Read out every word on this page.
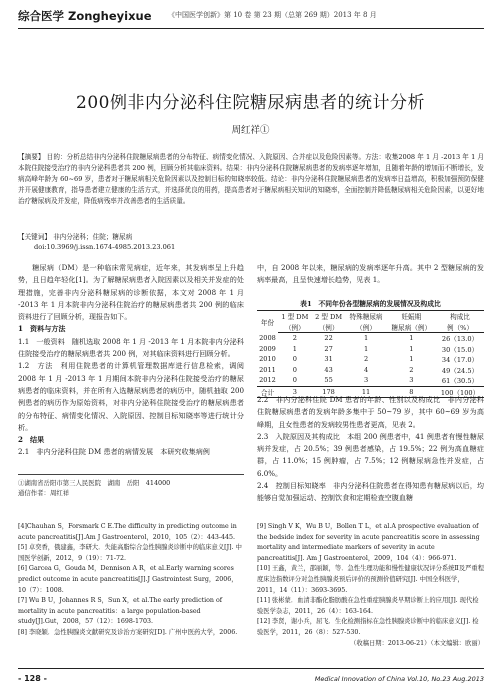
综合医学 Zongheyixue 《中国医学创新》第 10 卷 第 23 期（总第 269 期）2013 年 8 月
200例非内分泌科住院糖尿病患者的统计分析
周红祥①
【摘要】 目的：分析总结非内分泌科住院糖尿病患者的分布特征、病情变化情况、入院原因、合并症以及危险因素等。方法：收集2008 年 1 月 -2013 年 1 月本院住院接受治疗的非内分泌科患者共 200 例，回顾分析其临床资料。结果：非内分泌科住院糖尿病患者的发病率逐年增加，且随着年龄的增加而不断增长，发病高峰年龄为 60~69 岁，患者对于糖尿病相关危险因素以及控制目标的知晓率较低。结论：非内分泌科住院糖尿病患者的发病率日益增高，积极加强预防保健并开展健康教育，指导患者建立健康的生活方式，并选择优良的用药，提高患者对于糖尿病相关知识的知晓率，全面控制并降低糖尿病相关危险因素，以更好地治疗糖尿病及并发症，降低病残率并改善患者的生活质量。
【关键词】 非内分泌科；住院；糖尿病
doi:10.3969/j.issn.1674-4985.2013.23.061
糖尿病（DM）是一种临床常见病症，近年来，其发病率呈上升趋势，且日趋年轻化[1]。为了解糖尿病患者入院因素以及相关并发症的处理措施，完善非内分泌科糖尿病的诊断依据，本文对 2008 年 1 月 -2013 年 1 月本院非内分泌科住院治疗的糖尿病患者共 200 例的临床资料进行了回顾分析，现报告如下。
1　资料与方法
1.1　一般资料　随机选取 2008 年 1 月 -2013 年 1 月本院非内分泌科住院接受治疗的糖尿病患者共 200 例，对其临床资料进行回顾分析。
1.2　方法　利用住院患者的计算机管理数据库进行信息检索，调阅 2008 年 1 月 -2013 年 1 月期间本院非内分泌科住院接受治疗的糖尿病患者的临床资料，并在所有入选糖尿病患者的病历中，随机抽取 200 例患者的病历作为原始资料，对非内分泌科住院接受治疗的糖尿病患者的分布特征、病情变化情况、入院原因、控制目标知晓率等进行统计分析。
2　结果
2.1　非内分泌科住院 DM 患者的病情发展　本研究收集病例
①湖南省岳阳市第三人民医院　湖南　岳阳　414000
通信作者：周红祥
中，自 2008 年以来，糖尿病的发病率逐年升高。其中 2 型糖尿病的发病率最高，且呈快速增长趋势，见表 1。
表1　不同年份各型糖尿病的发展情况及构成比
年份	1 型 DM	2 型 DM	特殊糖尿病	妊娠期	构成比
	（例）	（例）	（例）	糖尿病（例）	例（%）
2008	2	22	1	1	26（13.0）
2009	1	27	1	1	30（15.0）
2010	0	31	2	1	34（17.0）
2011	0	43	4	2	49（24.5）
2012	0	55	3	3	61（30.5）
合计	3	178	11	8	100（100）
2.2　非内分泌科住院 DM 患者的年龄、性别以及构成比　非内分泌科住院糖尿病患者的发病年龄多集中于 50~79 岁，其中 60~69 岁为高峰期，且女性患者的发病较男性患者更高，见表 2。
2.3　入院原因及其构成比　本组 200 例患者中，41 例患者有慢性糖尿病并发症，占 20.5%；39 例患者感染，占 19.5%；22 例为高血糖症群，占 11.0%；15 例肿瘤，占 7.5%；12 例糖尿病急性并发症，占 6.0%。
2.4　控制目标知晓率　非内分泌科住院患者在得知患有糖尿病以后，均能够自觉加强运动、控制饮食和定期检查空腹血糖
[4]Chauhan S，Forsmark C E.The difficulty in predicting outcome in acute pancreatitis[J].Am J Gastroenterol，2010，105（2）：443-445.
[5] 卓奕香，俄建鑫，李研大．失能高脂综合急性胰腺炎诊断中的临床意义[J]. 中国医学创新，2012，9（19）：71-72.
[6] Garcea G，Gouda M，Dennison A R，et al.Early warning scores predict outcome in acute pancreatitis[J].J Gastrointest Surg，2006，10（7）：1008.
[7] Wu B U，Johannes R S，Sun X，et al.The early prediction of mortality in acute pancreatitis：a large population-based study[J].Gut，2008，57（12）：1698-1703.
[8] 李晓颖．急性胰腺炎文献研究及诊治方案研究[D]. 广州中医药大学，2006.
[9] Singh V K，Wu B U，Bollen T L，et al.A prospective evaluation of the bedside index for severity in acute pancreatitis score in assessing mortality and intermediate markers of severity in acute pancreatitis[J]. Am J Gastroenterol，2009，104（4）：966-971.
[10] 王鑫，黄兰，邵丽颖，等．急性生理功能和慢性健康状况评分系统Ⅱ及严重程度床边指数评分对急性胰腺炎预后评价的预测价值研究[J]. 中国全科医学，2011，14（11）：3693-3695.
[11] 张彬蒙．血清非酯化脂肪酸在急性重症胰腺炎早期诊断上的应用[J]. 现代检验医学杂志，2011，26（4）：163-164.
[12] 李贤，谢小兵，屈飞．生化检测指标在急性胰腺炎诊断中的临床意义[J]. 检验医学，2011，26（8）：527-530.
（收稿日期：2013-06-21）（本文编辑：欧丽）
- 128 -	Medical Innovation of China Vol.10, No.23 Aug.2013
